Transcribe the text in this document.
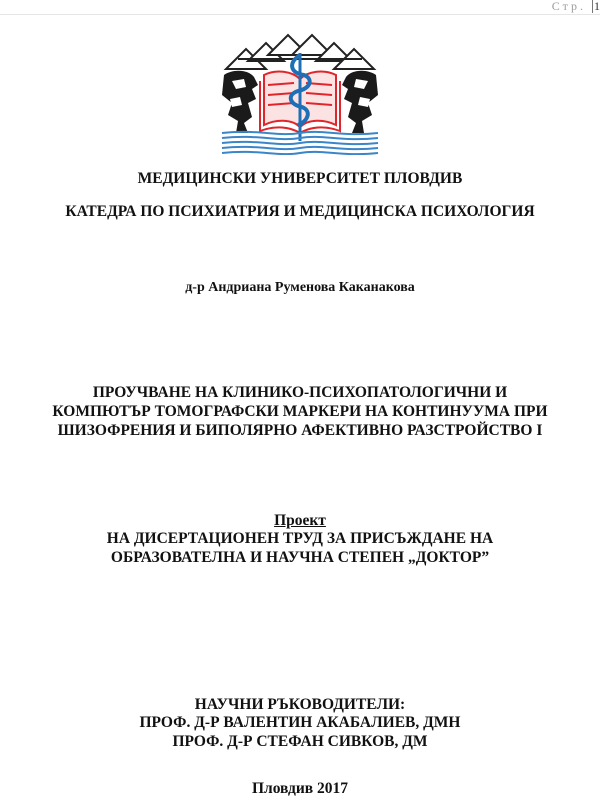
Стр. 1
МЕДИЦИНСКИ УНИВЕРСИТЕТ ПЛОВДИВ
КАТЕДРА ПО ПСИХИАТРИЯ И МЕДИЦИНСКА ПСИХОЛОГИЯ
д-р Андриана Руменова Каканакова
ПРОУЧВАНЕ НА КЛИНИКО-ПСИХОПАТОЛОГИЧНИ И
КОМПЮТЪР ТОМОГРАФСКИ МАРКЕРИ НА КОНТИНУУМА ПРИ
ШИЗОФРЕНИЯ И БИПОЛЯРНО АФЕКТИВНО РАЗСТРОЙСТВО I
Проект
НА ДИСЕРТАЦИОНЕН ТРУД ЗА ПРИСЪЖДАНЕ НА
ОБРАЗОВАТЕЛНА И НАУЧНА СТЕПЕН „ДОКТОР”
НАУЧНИ РЪКОВОДИТЕЛИ:
ПРОФ. Д-Р ВАЛЕНТИН АКАБАЛИЕВ, ДМН
ПРОФ. Д-Р СТЕФАН СИВКОВ, ДМ
Пловдив 2017
